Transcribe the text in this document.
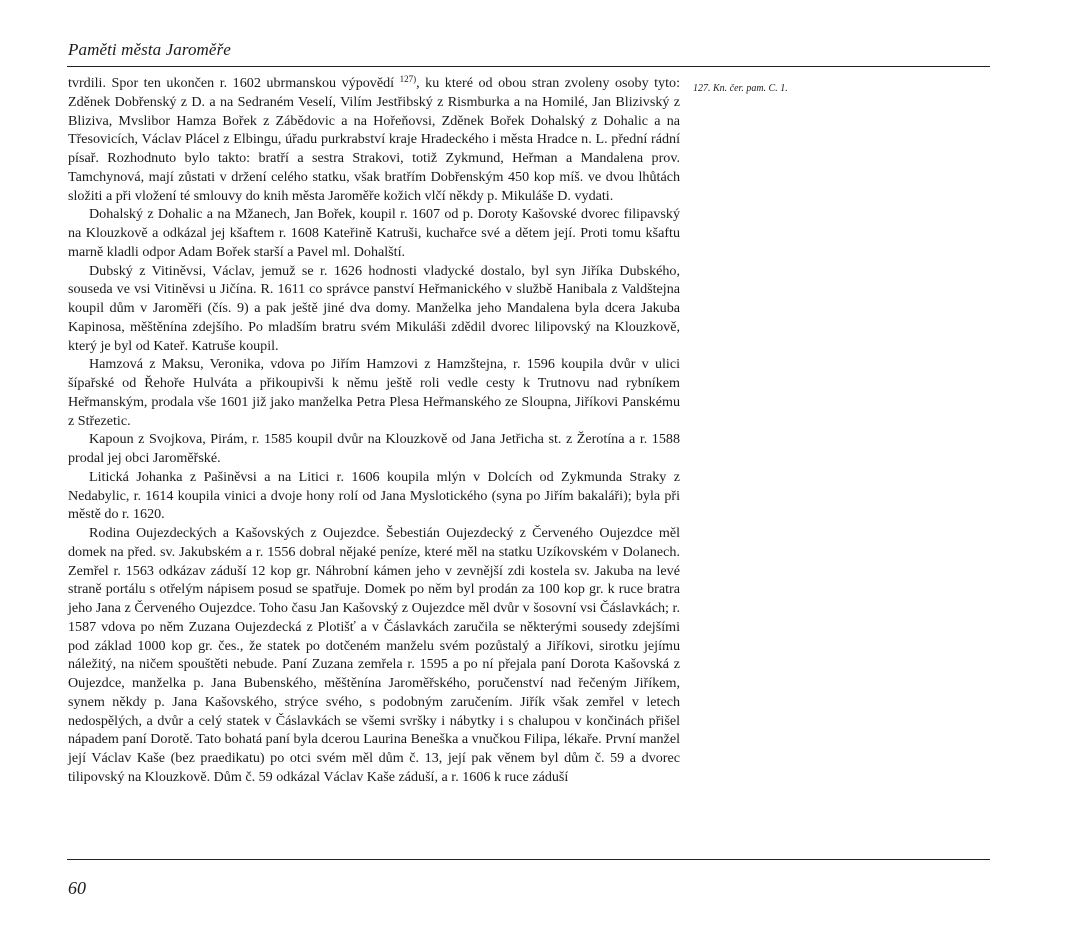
Paměti města Jaroměře

tvrdili. Spor ten ukončen r. 1602 ubrmanskou výpovědí $^{127)}$, ku které od obou stran zvoleny osoby tyto: Zděnek Dobřenský z D. a na Sedraném Veselí, Vilím Jestřibský z Rismburka a na Homilé, Jan Blizivský z Bliziva, Mvslibor Hamza Bořek z Zábědovic a na Hořeňovsi, Zděnek Bořek Dohalský z Dohalic a na Třesovicích, Václav Plácel z Elbingu, úřadu purkrabství kraje Hradeckého i města Hradce n. L. přední rádní písař. Rozhodnuto bylo takto: bratří a sestra Strakovi, totiž Zykmund, Heřman a Mandalena prov. Tamchynová, mají zůstati v držení celého statku, však bratřím Dobřenským 450 kop míš. ve dvou lhůtách složiti a při vložení té smlouvy do knih města Jaroměře kožich vlčí někdy p. Mikuláše D. vydati.

Dohalský z Dohalic a na Mžanech, Jan Bořek, koupil r. 1607 od p. Doroty Kašovské dvorec filipavský na Klouzkově a odkázal jej kšaftem r. 1608 Kateřině Katruši, kuchařce své a dětem její. Proti tomu kšaftu marně kladli odpor Adam Bořek starší a Pavel ml. Dohalští.

Dubský z Vitiněvsi, Václav, jemuž se r. 1626 hodnosti vladycké dostalo, byl syn Jiříka Dubského, souseda ve vsi Vitiněvsi u Jičína. R. 1611 co správce panství Heřmanického v službě Hanibala z Valdštejna koupil dům v Jaroměři (čís. 9) a pak ještě jiné dva domy. Manželka jeho Mandalena byla dcera Jakuba Kapinosa, měštěnína zdejšího. Po mladším bratru svém Mikuláši zdědil dvorec lilipovský na Klouzkově, který je byl od Kateř. Katruše koupil.

Hamzová z Maksu, Veronika, vdova po Jiřím Hamzovi z Hamzštejna, r. 1596 koupila dvůr v ulici šípařské od Řehoře Hulváta a přikoupivši k němu ještě roli vedle cesty k Trutnovu nad rybníkem Heřmanským, prodala vše 1601 již jako manželka Petra Plesa Heřmanského ze Sloupna, Jiříkovi Panskému z Střezetic.

Kapoun z Svojkova, Pirám, r. 1585 koupil dvůr na Klouzkově od Jana Jetřicha st. z Žerotína a r. 1588 prodal jej obci Jaroměřské.

Litická Johanka z Pašiněvsi a na Litici r. 1606 koupila mlýn v Dolcích od Zykmunda Straky z Nedabylic, r. 1614 koupila vinici a dvoje hony rolí od Jana Myslotického (syna po Jiřím bakaláři); byla při městě do r. 1620.

Rodina Oujezdeckých a Kašovských z Oujezdce. Šebestián Oujezdecký z Červeného Oujezdce měl domek na před. sv. Jakubském a r. 1556 dobral nějaké peníze, které měl na statku Uzíkovském v Dolanech. Zemřel r. 1563 odkázav záduší 12 kop gr. Náhrobní kámen jeho v zevnější zdi kostela sv. Jakuba na levé straně portálu s otřelým nápisem posud se spatřuje. Domek po něm byl prodán za 100 kop gr. k ruce bratra jeho Jana z Červeného Oujezdce. Toho času Jan Kašovský z Oujezdce měl dvůr v šosovní vsi Čáslavkách; r. 1587 vdova po něm Zuzana Oujezdecká z Plotišť a v Čáslavkách zaručila se některými sousedy zdejšími pod základ 1000 kop gr. čes., že statek po dotčeném manželu svém pozůstalý a Jiříkovi, sirotku jejímu náležitý, na ničem spouštěti nebude. Paní Zuzana zemřela r. 1595 a po ní přejala paní Dorota Kašovská z Oujezdce, manželka p. Jana Bubenského, měštěnína Jaroměřského, poručenství nad řečeným Jiříkem, synem někdy p. Jana Kašovského, strýce svého, s podobným zaručením. Jiřík však zemřel v letech nedospělých, a dvůr a celý statek v Čáslavkách se všemi svršky i nábytky i s chalupou v končinách přišel nápadem paní Dorotě. Tato bohatá paní byla dcerou Laurina Beneška a vnučkou Filipa, lékaře. První manžel její Václav Kaše (bez praedikatu) po otci svém měl dům č. 13, její pak věnem byl dům č. 59 a dvorec tilipovský na Klouzkově. Dům č. 59 odkázal Václav Kaše záduší, a r. 1606 k ruce záduší

127. Kn. čer. pam. C. 1.
60
